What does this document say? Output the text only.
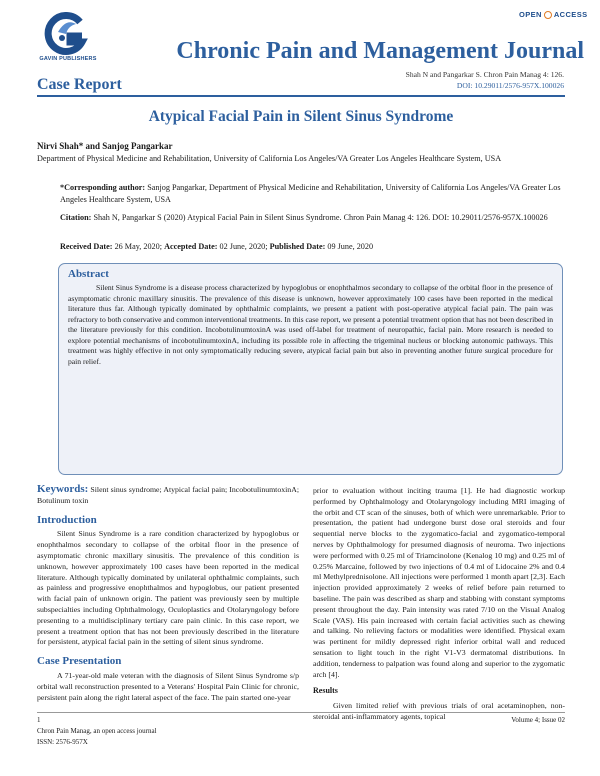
GAVIN PUBLISHERS
OPEN ACCESS
Chronic Pain and Management Journal
Case Report
Shah N and Pangarkar S. Chron Pain Manag 4: 126.
DOI: 10.29011/2576-957X.100026
Atypical Facial Pain in Silent Sinus Syndrome
Nirvi Shah* and Sanjog Pangarkar
Department of Physical Medicine and Rehabilitation, University of California Los Angeles/VA Greater Los Angeles Healthcare System, USA
*Corresponding author: Sanjog Pangarkar, Department of Physical Medicine and Rehabilitation, University of California Los Angeles/VA Greater Los Angeles Healthcare System, USA
Citation: Shah N, Pangarkar S (2020) Atypical Facial Pain in Silent Sinus Syndrome. Chron Pain Manag 4: 126. DOI: 10.29011/2576-957X.100026
Received Date: 26 May, 2020; Accepted Date: 02 June, 2020; Published Date: 09 June, 2020
Abstract

Silent Sinus Syndrome is a disease process characterized by hypoglobus or enophthalmos secondary to collapse of the orbital floor in the presence of asymptomatic chronic maxillary sinusitis. The prevalence of this disease is unknown, however approximately 100 cases have been reported in the medical literature thus far. Although typically dominated by ophthalmic complaints, we present a patient with post-operative atypical facial pain. The pain was refractory to both conservative and common interventional treatments. In this case report, we present a potential treatment option that has not been described in the literature previously for this condition. IncobotulinumtoxinA was used off-label for treatment of neuropathic, facial pain. More research is needed to explore potential mechanisms of incobotulinumtoxinA, including its possible role in affecting the trigeminal nucleus or blocking autonomic pathways. This treatment was highly effective in not only symptomatically reducing severe, atypical facial pain but also in preventing another future surgical procedure for pain relief.

Keywords: Silent sinus syndrome; Atypical facial pain; IncobotulinumtoxinA; Botulinum toxin
Introduction

Silent Sinus Syndrome is a rare condition characterized by hypoglobus or enophthalmos secondary to collapse of the orbital floor in the presence of asymptomatic chronic maxillary sinusitis. The prevalence of this condition is unknown, however approximately 100 cases have been reported in the medical literature. Although typically dominated by unilateral ophthalmic complaints, such as painless and progressive enophthalmos and hypoglobus, our patient presented with facial pain of unknown origin. The patient was previously seen by multiple subspecialties including Ophthalmology, Oculoplastics and Otolaryngology before presenting to a multidisciplinary tertiary care pain clinic. In this case report, we present a treatment option that has not been previously described in the literature for persistent, atypical facial pain in the setting of silent sinus syndrome.

Case Presentation

A 71-year-old male veteran with the diagnosis of Silent Sinus Syndrome s/p orbital wall reconstruction presented to a Veterans' Hospital Pain Clinic for chronic, persistent pain along the right lateral aspect of the face. The pain started one-year

prior to evaluation without inciting trauma [1]. He had diagnostic workup performed by Ophthalmology and Otolaryngology including MRI imaging of the orbit and CT scan of the sinuses, both of which were unremarkable. Prior to presentation, the patient had undergone burst dose oral steroids and four sequential nerve blocks to the zygomatico-facial and zygomatico-temporal nerves by Ophthalmology for presumed diagnosis of neuroma. Two injections were performed with 0.25 ml of Triamcinolone (Kenalog 10 mg) and 0.25 ml of 0.25% Marcaine, followed by two injections of 0.4 ml of Lidocaine 2% and 0.4 ml Methylprednisolone. All injections were performed 1 month apart [2,3]. Each injection provided approximately 2 weeks of relief before pain returned to baseline. The pain was described as sharp and stabbing with constant symptoms present throughout the day. Pain intensity was rated 7/10 on the Visual Analog Scale (VAS). His pain increased with certain facial activities such as chewing and talking. No relieving factors or modalities were identified. Physical exam was pertinent for mildly depressed right inferior orbital wall and reduced sensation to light touch in the right V1-V3 dermatomal distributions. In addition, tenderness to palpation was found along and superior to the zygomatic arch [4].

Results

Given limited relief with previous trials of oral acetaminophen, non-steroidal anti-inflammatory agents, topical

1	Volume 4; Issue 02
Chron Pain Manag, an open access journal
ISSN: 2576-957X
